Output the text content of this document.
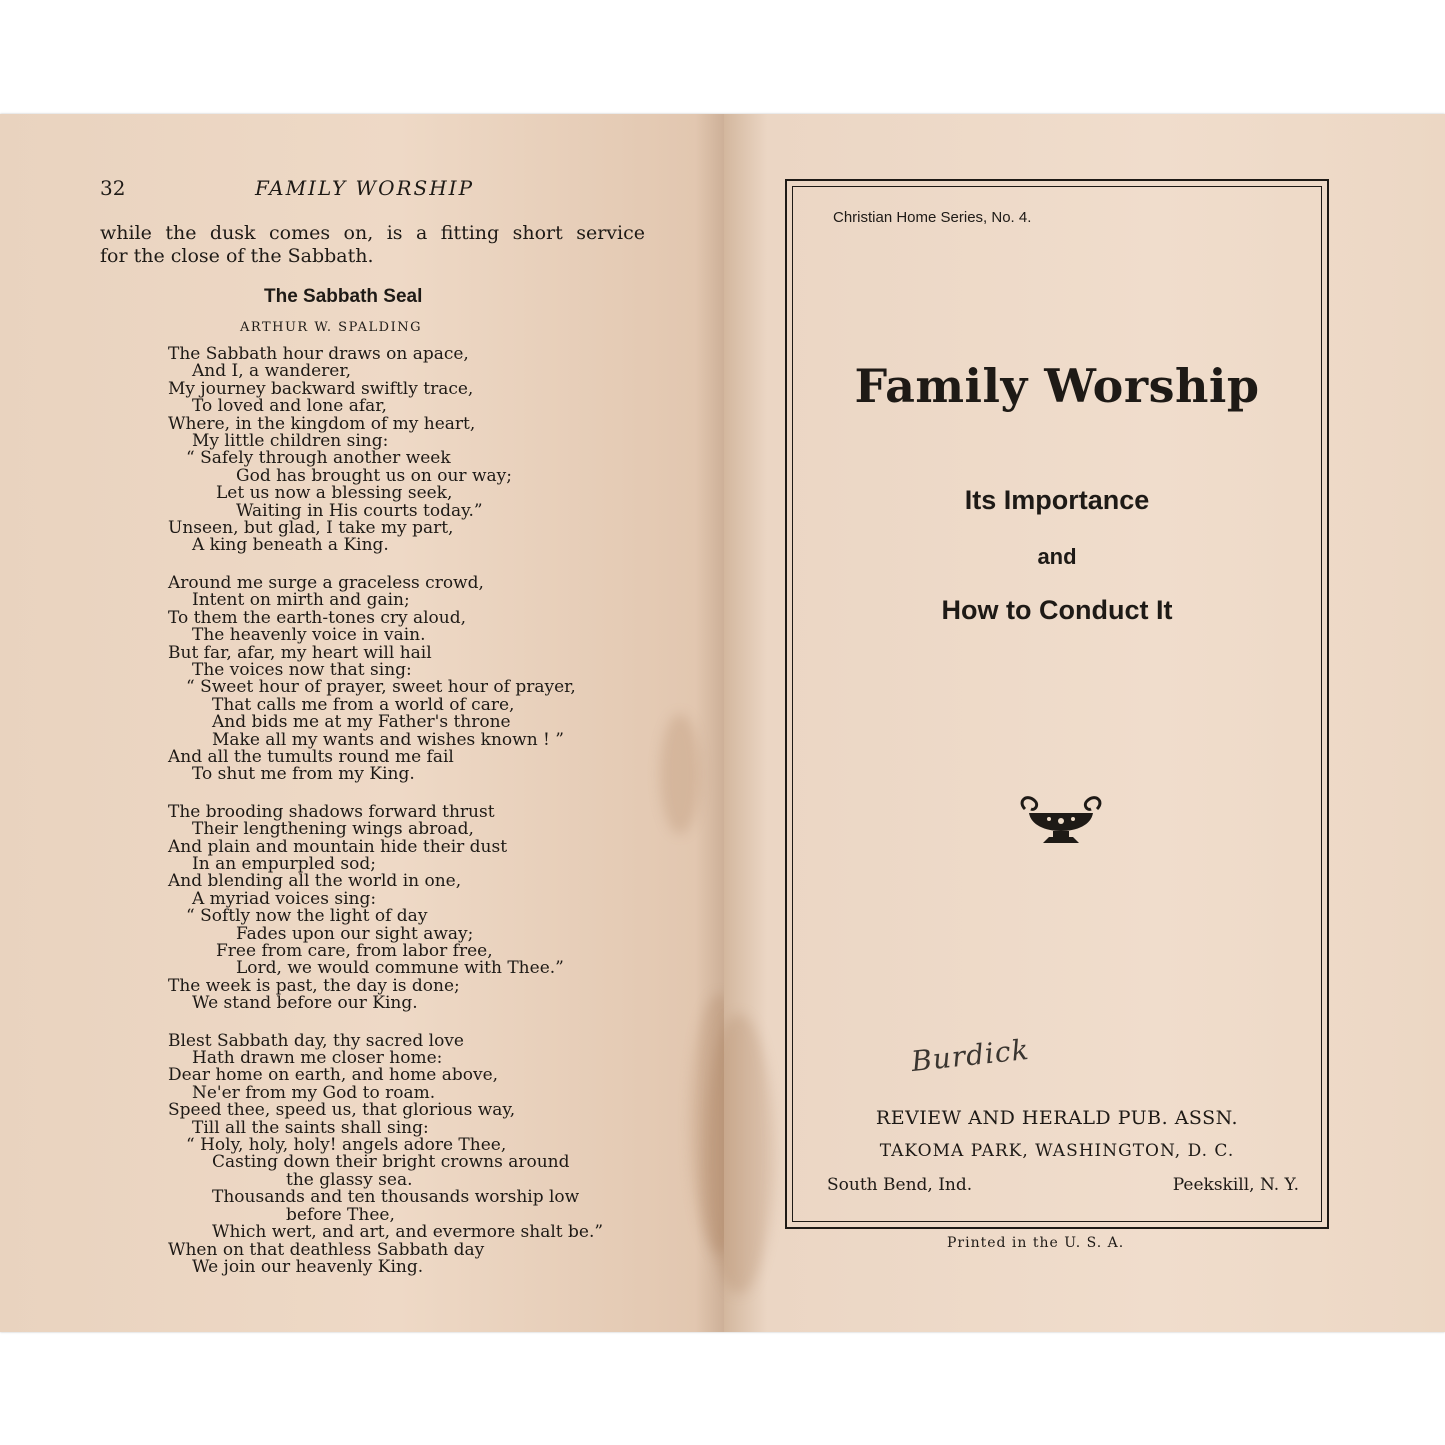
32	FAMILY WORSHIP
while the dusk comes on, is a fitting short service
for the close of the Sabbath.
The Sabbath Seal
ARTHUR W. SPALDING
The Sabbath hour draws on apace,
And I, a wanderer,
My journey backward swiftly trace,
To loved and lone afar,
Where, in the kingdom of my heart,
My little children sing:
“ Safely through another week
God has brought us on our way;
Let us now a blessing seek,
Waiting in His courts today.”
Unseen, but glad, I take my part,
A king beneath a King.
Around me surge a graceless crowd,
Intent on mirth and gain;
To them the earth-tones cry aloud,
The heavenly voice in vain.
But far, afar, my heart will hail
The voices now that sing:
“ Sweet hour of prayer, sweet hour of prayer,
That calls me from a world of care,
And bids me at my Father's throne
Make all my wants and wishes known ! ”
And all the tumults round me fail
To shut me from my King.
The brooding shadows forward thrust
Their lengthening wings abroad,
And plain and mountain hide their dust
In an empurpled sod;
And blending all the world in one,
A myriad voices sing:
“ Softly now the light of day
Fades upon our sight away;
Free from care, from labor free,
Lord, we would commune with Thee.”
The week is past, the day is done;
We stand before our King.
Blest Sabbath day, thy sacred love
Hath drawn me closer home:
Dear home on earth, and home above,
Ne'er from my God to roam.
Speed thee, speed us, that glorious way,
Till all the saints shall sing:
“ Holy, holy, holy! angels adore Thee,
Casting down their bright crowns around
the glassy sea.
Thousands and ten thousands worship low
before Thee,
Which wert, and art, and evermore shalt be.”
When on that deathless Sabbath day
We join our heavenly King.
Christian Home Series, No. 4.
Family Worship
Its Importance
and
How to Conduct It
Burdick
REVIEW AND HERALD PUB. ASSN.
TAKOMA PARK, WASHINGTON, D. C.
South Bend, Ind.	Peekskill, N. Y.
Printed in the U. S. A.
